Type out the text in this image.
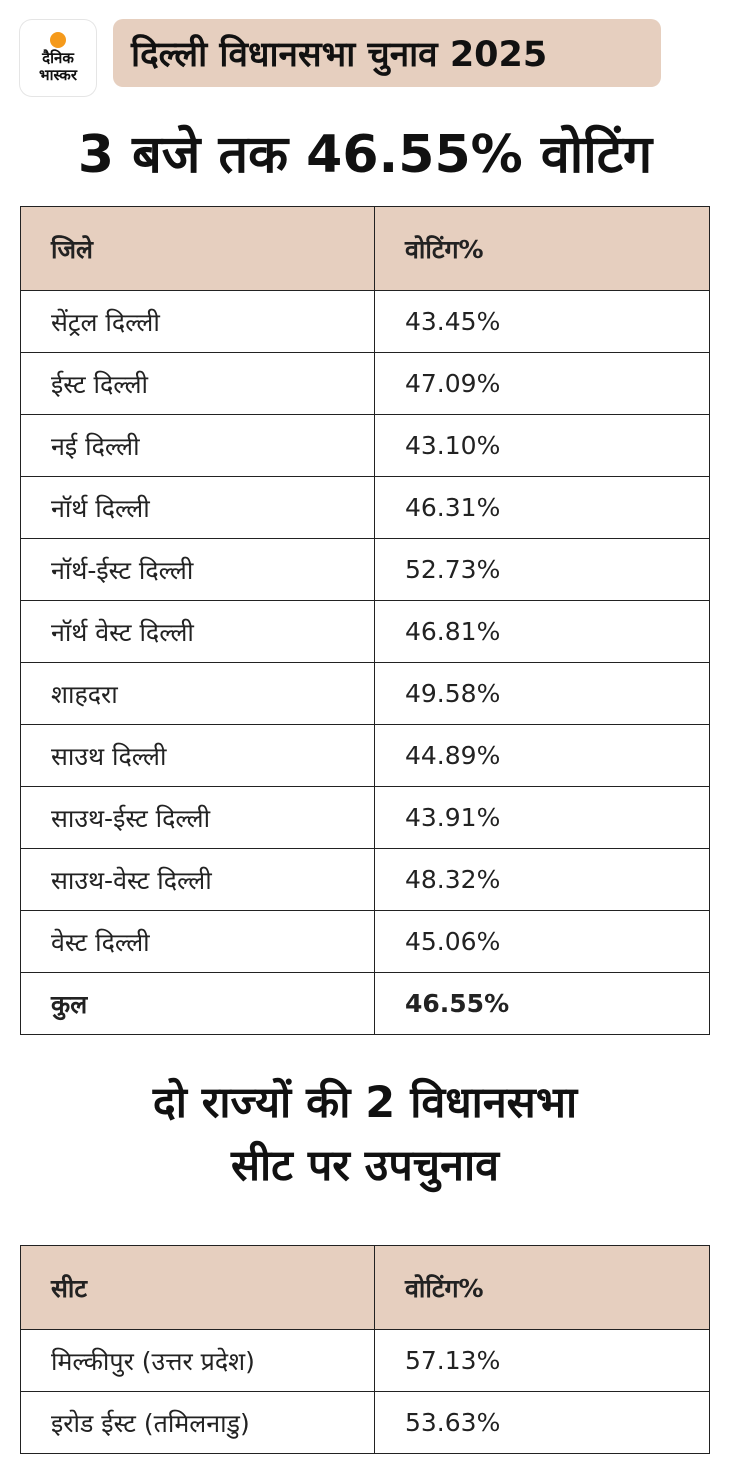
दैनिक
भास्कर
दिल्ली विधानसभा चुनाव 2025
3 बजे तक 46.55% वोटिंग
जिले	वोटिंग%
सेंट्रल दिल्ली	43.45%
ईस्ट दिल्ली	47.09%
नई दिल्ली	43.10%
नॉर्थ दिल्ली	46.31%
नॉर्थ-ईस्ट दिल्ली	52.73%
नॉर्थ वेस्ट दिल्ली	46.81%
शाहदरा	49.58%
साउथ दिल्ली	44.89%
साउथ-ईस्ट दिल्ली	43.91%
साउथ-वेस्ट दिल्ली	48.32%
वेस्ट दिल्ली	45.06%
कुल	46.55%
दो राज्यों की 2 विधानसभा
सीट पर उपचुनाव
सीट	वोटिंग%
मिल्कीपुर (उत्तर प्रदेश)	57.13%
इरोड ईस्ट (तमिलनाडु)	53.63%
